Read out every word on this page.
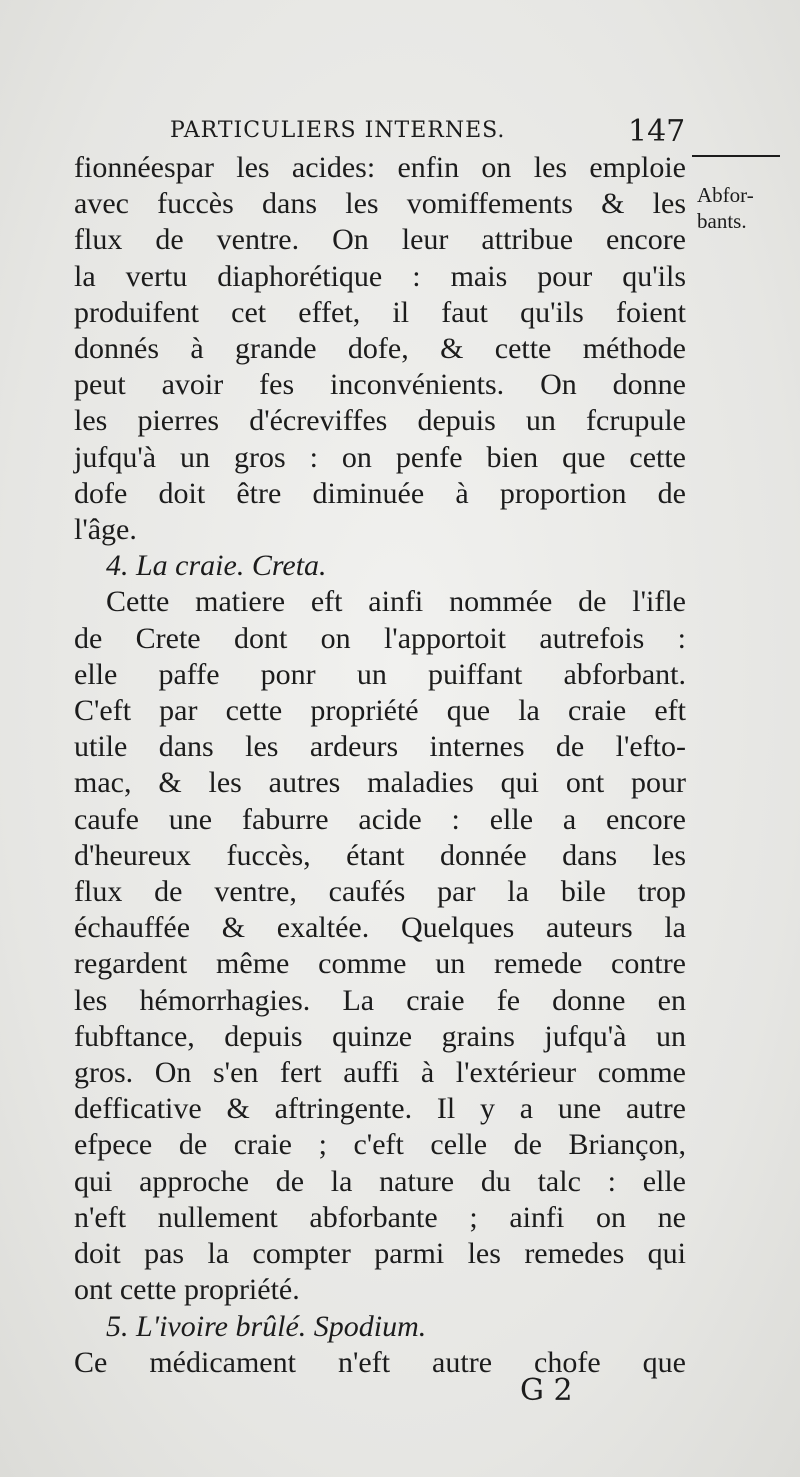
PARTICULIERS INTERNES.	147
Abfor-
bants.
fionnéespar les acides: enfin on les emploie
avec fuccès dans les vomiffements & les
flux de ventre. On leur attribue encore
la vertu diaphorétique : mais pour qu'ils
produifent cet effet, il faut qu'ils foient
donnés à grande dofe, & cette méthode
peut avoir fes inconvénients. On donne
les pierres d'écreviffes depuis un fcrupule
jufqu'à un gros : on penfe bien que cette
dofe doit être diminuée à proportion de
l'âge.
4. La craie. Creta.
Cette matiere eft ainfi nommée de l'ifle
de Crete dont on l'apportoit autrefois :
elle paffe ponr un puiffant abforbant.
C'eft par cette propriété que la craie eft
utile dans les ardeurs internes de l'efto-
mac, & les autres maladies qui ont pour
caufe une faburre acide : elle a encore
d'heureux fuccès, étant donnée dans les
flux de ventre, caufés par la bile trop
échauffée & exaltée. Quelques auteurs la
regardent même comme un remede contre
les hémorrhagies. La craie fe donne en
fubftance, depuis quinze grains jufqu'à un
gros. On s'en fert auffi à l'extérieur comme
defficative & aftringente. Il y a une autre
efpece de craie ; c'eft celle de Briançon,
qui approche de la nature du talc : elle
n'eft nullement abforbante ; ainfi on ne
doit pas la compter parmi les remedes qui
ont cette propriété.
5. L'ivoire brûlé. Spodium.
Ce médicament n'eft autre chofe que
G 2
